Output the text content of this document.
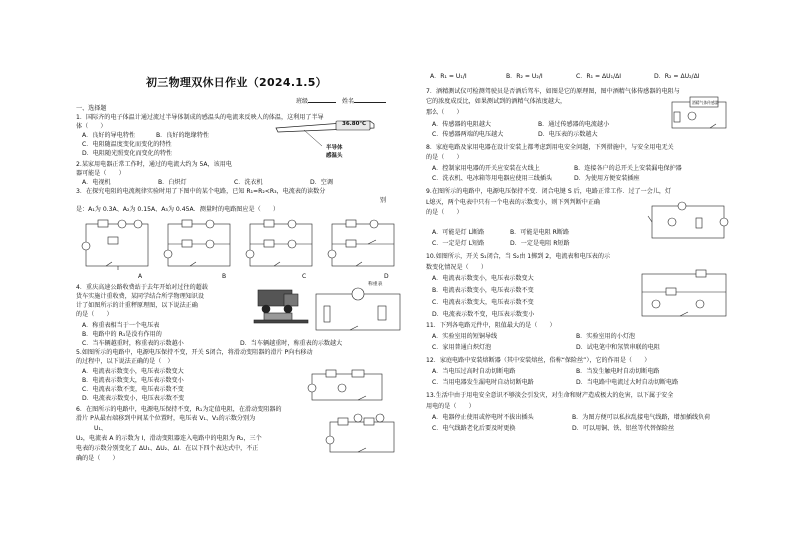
初三物理双休日作业（2024.1.5）
班级	姓名
一、选择题
1．国际齐的电子体温计通过流过半导体制成的感温头的电流来反映人的体温，这利用了半导
体（　　）
A．良好的导电特性	B．良好的绝缘特性
C．电阻随温度变化而变化的特性
D．电阻随光照变化而变化的特性
36.80℃
半导体
感温头
2.某家用电器正常工作时，通过的电流大约为 5A，该用电
器可能是（　　）
A．电视机	B．白炽灯	C．洗衣机	D．空调
3．在探究电阻的电流规律实验时用了下图中的某个电路，已知 R₁=R₂<R₃，电流表的读数分
别
是：A₁为 0.3A、A₂为 0.15A、A₃为 0.45A．测量时的电路图应是（　　）
A	B	C	D
4．重庆高速公路收费站于去年开始对过往的超载
货车实施计重收费，某同学结合所学物理知识设
计了如图所示的计重秤原理图，以下说法正确
的是（　　）
A．称重表相当于一个电压表
B．电路中的 R₁是没有作用的
C．当车辆越重时，称重表的示数越小	D．当车辆越重时，称重表的示数越大
称重表
5.如图所示的电路中，电源电压保持不变，开关 S闭合，将滑动变阻器的滑片 P向右移动
的过程中，以下说法正确的是（　）
A．电流表示数变小，电压表示数变大
B．电流表示数变大，电压表示数变小
C．电流表示数不变，电压表示数不变
D．电流表示数变小，电压表示数不变
6．在图所示的电路中，电源电压保持不变，R₁为定值电阻，在滑动变阻器的
滑片 P从最右端移到中间某个位置时，电压表 V₁、V₂的示数分别为
U₁、
U₂，电流表 A 的示数为 I，滑动变阻器连入电路中的电阻为 R₂，三个
电表的示数分别变化了 ΔU₁、ΔU₂、ΔI．在以下四个表达式中，不正
确的是（　　）
A．R₁ = U₁/I	B．R₂ = U₂/I	C．R₁ = ΔU₁/ΔI	D．R₂ = ΔU₂/ΔI
7．酒精测试仪可检测驾驶员是否酒后驾车，如图是它的原理图，图中酒精气体传感器的电阻与
它的浓度成反比，如果测试到的酒精气体浓度越大，
那么（　　）
A．传感器的电阻越大	B．通过传感器的电流越小
C．传感器两端的电压越大	D．电压表的示数越大
酒精气体传感器
8．家庭电路及家用电器在设计安装上都考虑到用电安全问题，下列措施中，与安全用电无关
的是（　　）
A．控制家用电器的开关应安装在火线上	B．连接各户的总开关上安装漏电保护器
C．洗衣机、电冰箱等用电器应使用三线插头	D．为使用方便安装插座
9.在图所示的电路中，电源电压保持不变．闭合电键 S 后，电路正常工作．过了一会儿，灯
L熄灭，两个电表中只有一个电表的示数变小，则下列判断中正确
的是（　　）
A．可能是灯 L断路	B．可能是电阻 R断路
C．一定是灯 L短路	D．一定是电阻 R短路
10.如图所示，开关 S₁闭合，当 S₂由 1掷到 2，电流表和电压表的示
数变化情况是（　　）
A．电流表示数变小，电压表示数变大
B．电流表示数变小，电压表示数不变
C．电流表示数变大，电压表示数不变
D．电流表示数不变，电压表示数变小
11．下列各电路元件中，阻值最大的是（　　）
A．实验室用的短铜导线	B．实验室用的小灯泡
C．家用普通白炽灯泡	D．试电笔中和氖管串联的电阻
12．家庭电路中安装熔断器（其中安装熔丝，俗称“保险丝”），它的作用是（　　）
A．当电压过高时自动切断电路	B．当发生触电时自动切断电路
C．当用电器发生漏电时自动切断电路	D．当电路中电流过大时自动切断电路
13.生活中由于用电安全意识不够淡会引发灾，对生命和财产造成极大的危害，以下属于安全
用电的是（　　）
A．电器停止使用或停电时不拔出插头	B．为图方便可以私拉乱接电气线路，增加插线负荷
C．电气线路老化后要及时更换	D．可以用铜、铁、铝丝等代替保险丝
